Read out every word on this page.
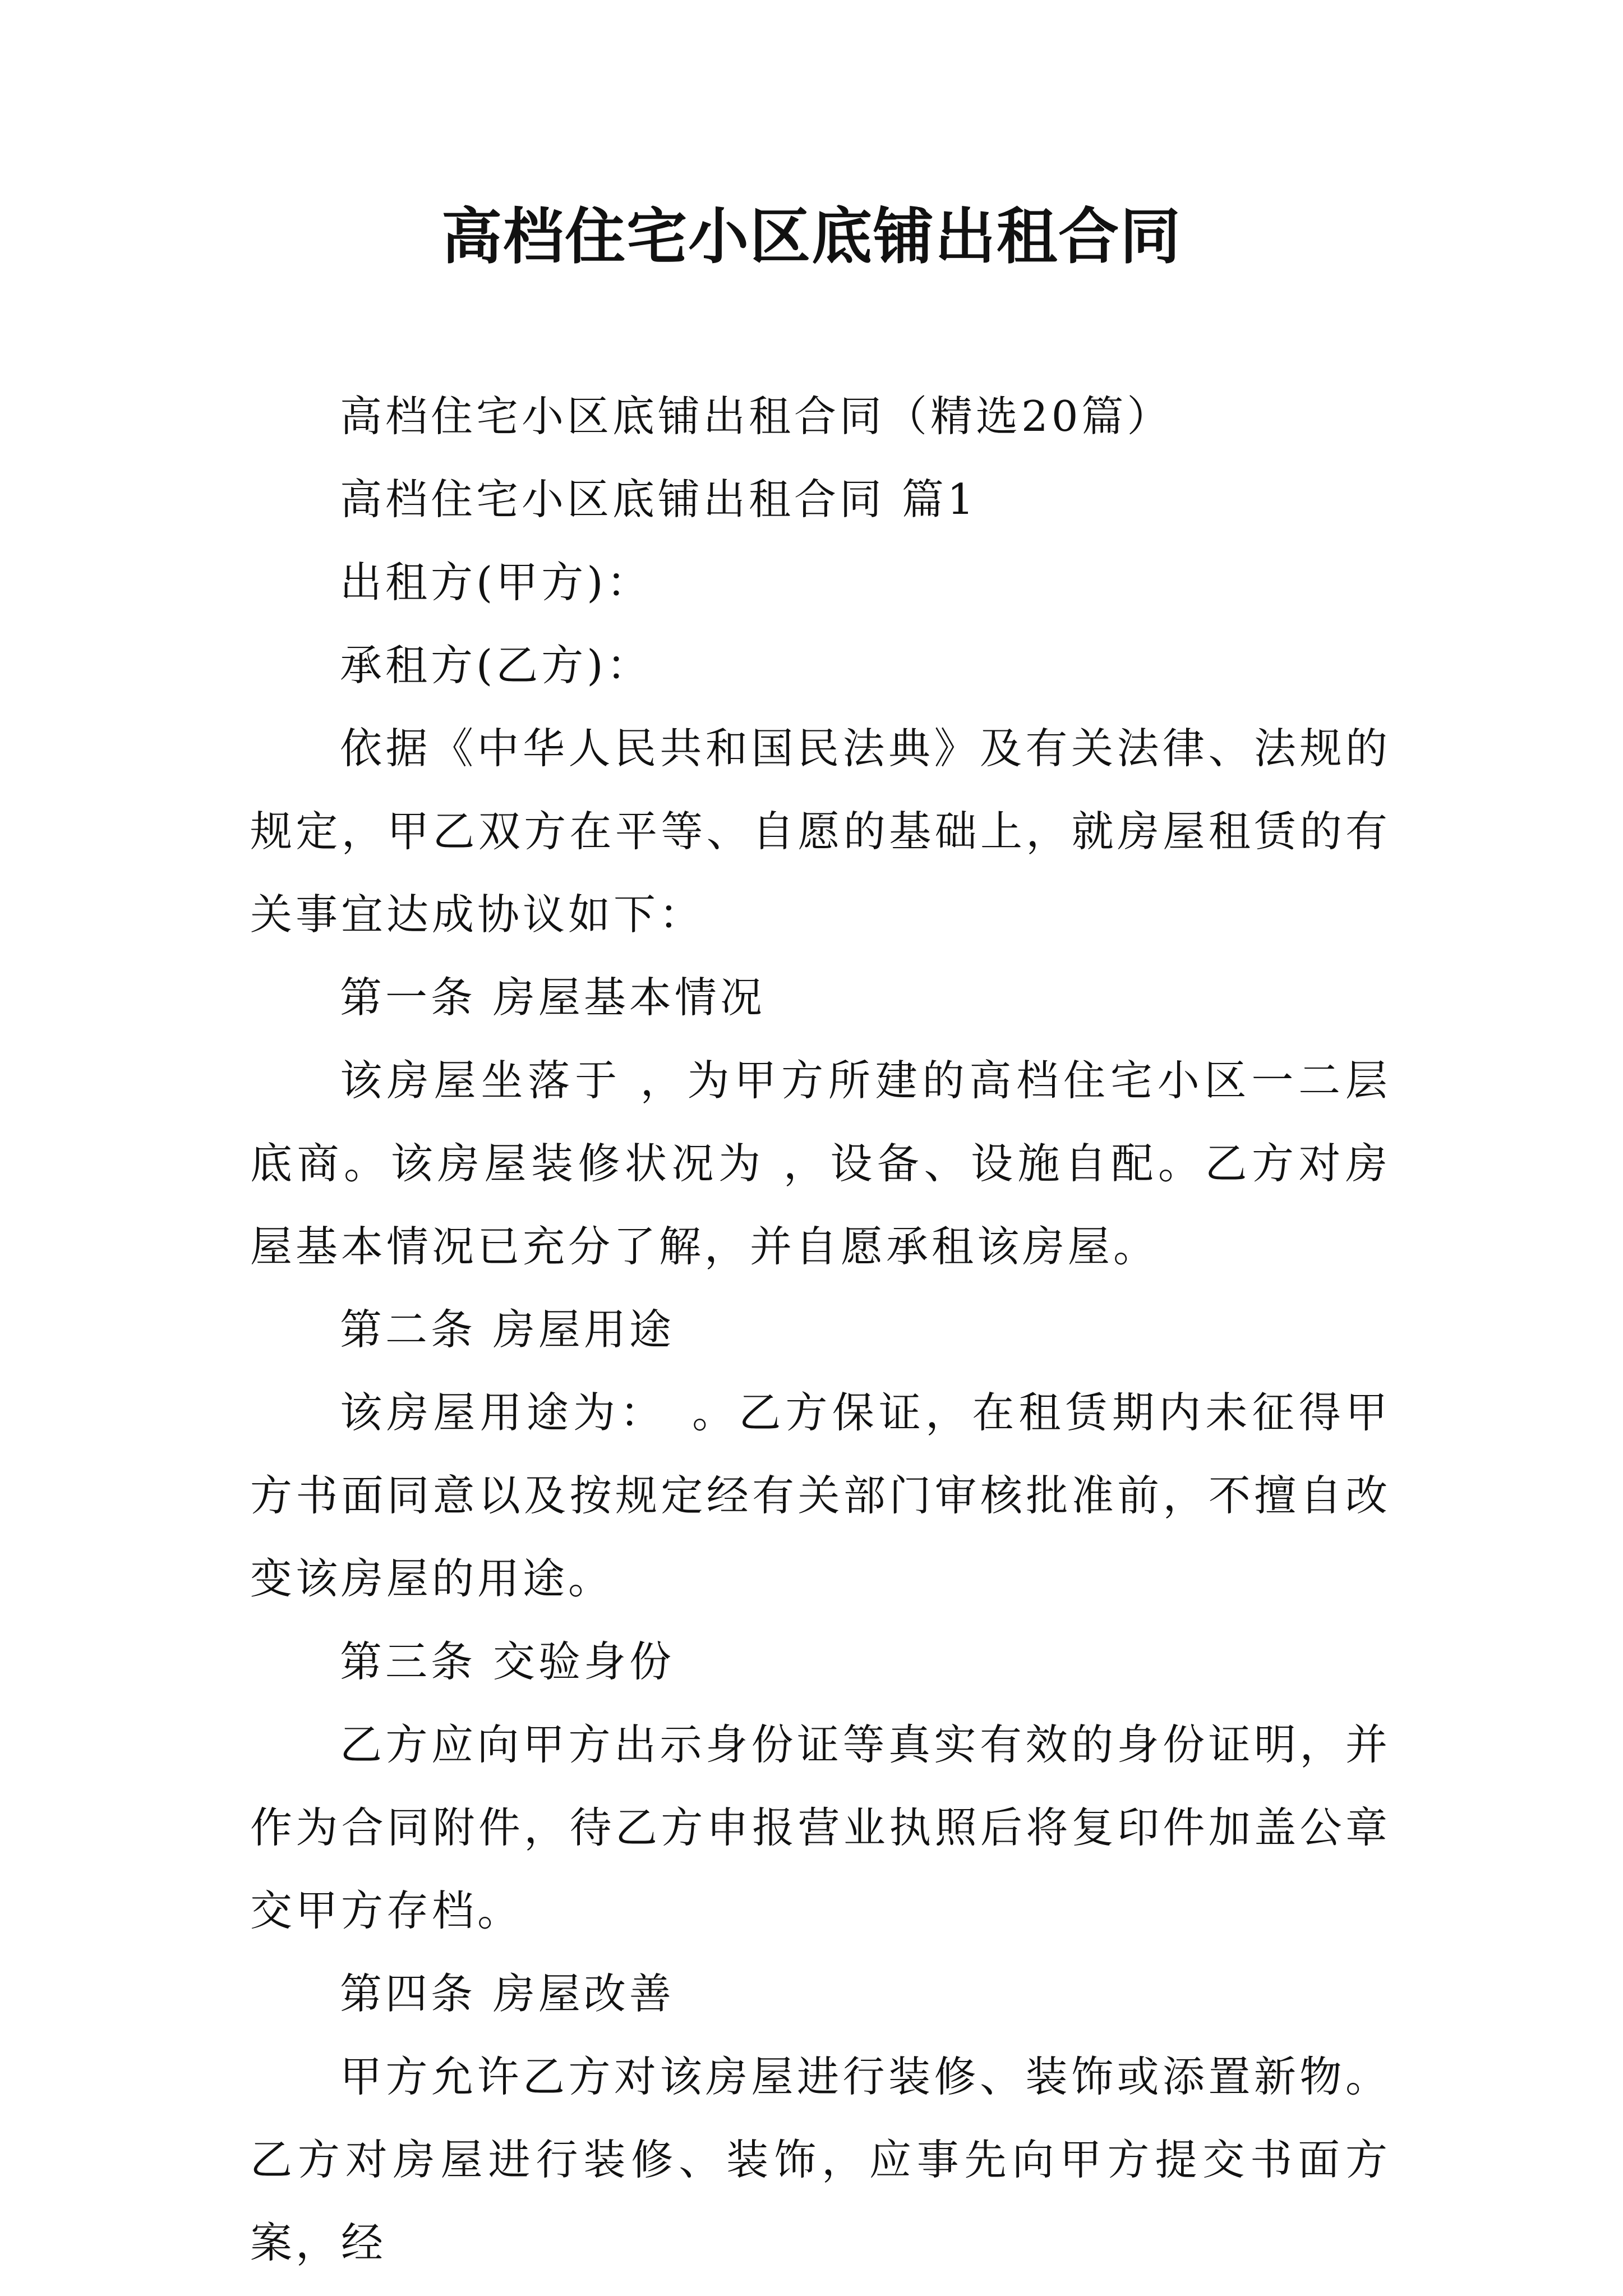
高档住宅小区底铺出租合同

高档住宅小区底铺出租合同（精选20篇）

高档住宅小区底铺出租合同 篇1

出租方(甲方)：

承租方(乙方)：

依据《中华人民共和国民法典》及有关法律、法规的规定，甲乙双方在平等、自愿的基础上，就房屋租赁的有关事宜达成协议如下：

第一条 房屋基本情况

该房屋坐落于 ，为甲方所建的高档住宅小区一二层底商。该房屋装修状况为 ，设备、设施自配。乙方对房屋基本情况已充分了解，并自愿承租该房屋。

第二条 房屋用途

该房屋用途为：　。乙方保证，在租赁期内未征得甲方书面同意以及按规定经有关部门审核批准前，不擅自改变该房屋的用途。

第三条 交验身份

乙方应向甲方出示身份证等真实有效的身份证明，并作为合同附件，待乙方申报营业执照后将复印件加盖公章交甲方存档。

第四条 房屋改善

甲方允许乙方对该房屋进行装修、装饰或添置新物。乙方对房屋进行装修、装饰，应事先向甲方提交书面方案，经
